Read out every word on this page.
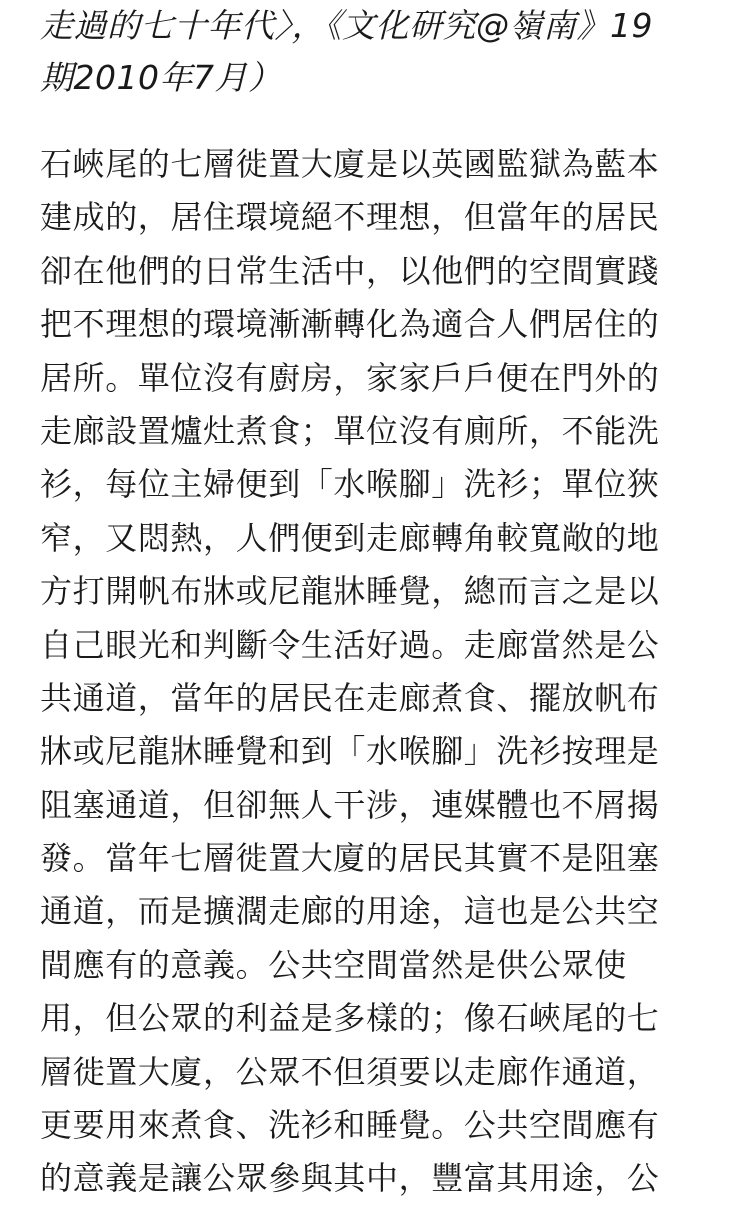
走過的七十年代〉，《文化研究@嶺南》19
期2010年7月）
石峽尾的七層徙置大廈是以英國監獄為藍本
建成的，居住環境絕不理想，但當年的居民
卻在他們的日常生活中，以他們的空間實踐
把不理想的環境漸漸轉化為適合人們居住的
居所。單位沒有廚房，家家戶戶便在門外的
走廊設置爐灶煮食；單位沒有廁所，不能洗
衫，每位主婦便到「水喉腳」洗衫；單位狹
窄，又悶熱，人們便到走廊轉角較寬敞的地
方打開帆布牀或尼龍牀睡覺，總而言之是以
自己眼光和判斷令生活好過。走廊當然是公
共通道，當年的居民在走廊煮食、擺放帆布
牀或尼龍牀睡覺和到「水喉腳」洗衫按理是
阻塞通道，但卻無人干涉，連媒體也不屑揭
發。當年七層徙置大廈的居民其實不是阻塞
通道，而是擴濶走廊的用途，這也是公共空
間應有的意義。公共空間當然是供公眾使
用，但公眾的利益是多樣的；像石峽尾的七
層徙置大廈，公眾不但須要以走廊作通道，
更要用來煮食、洗衫和睡覺。公共空間應有
的意義是讓公眾參與其中，豐富其用途，公
